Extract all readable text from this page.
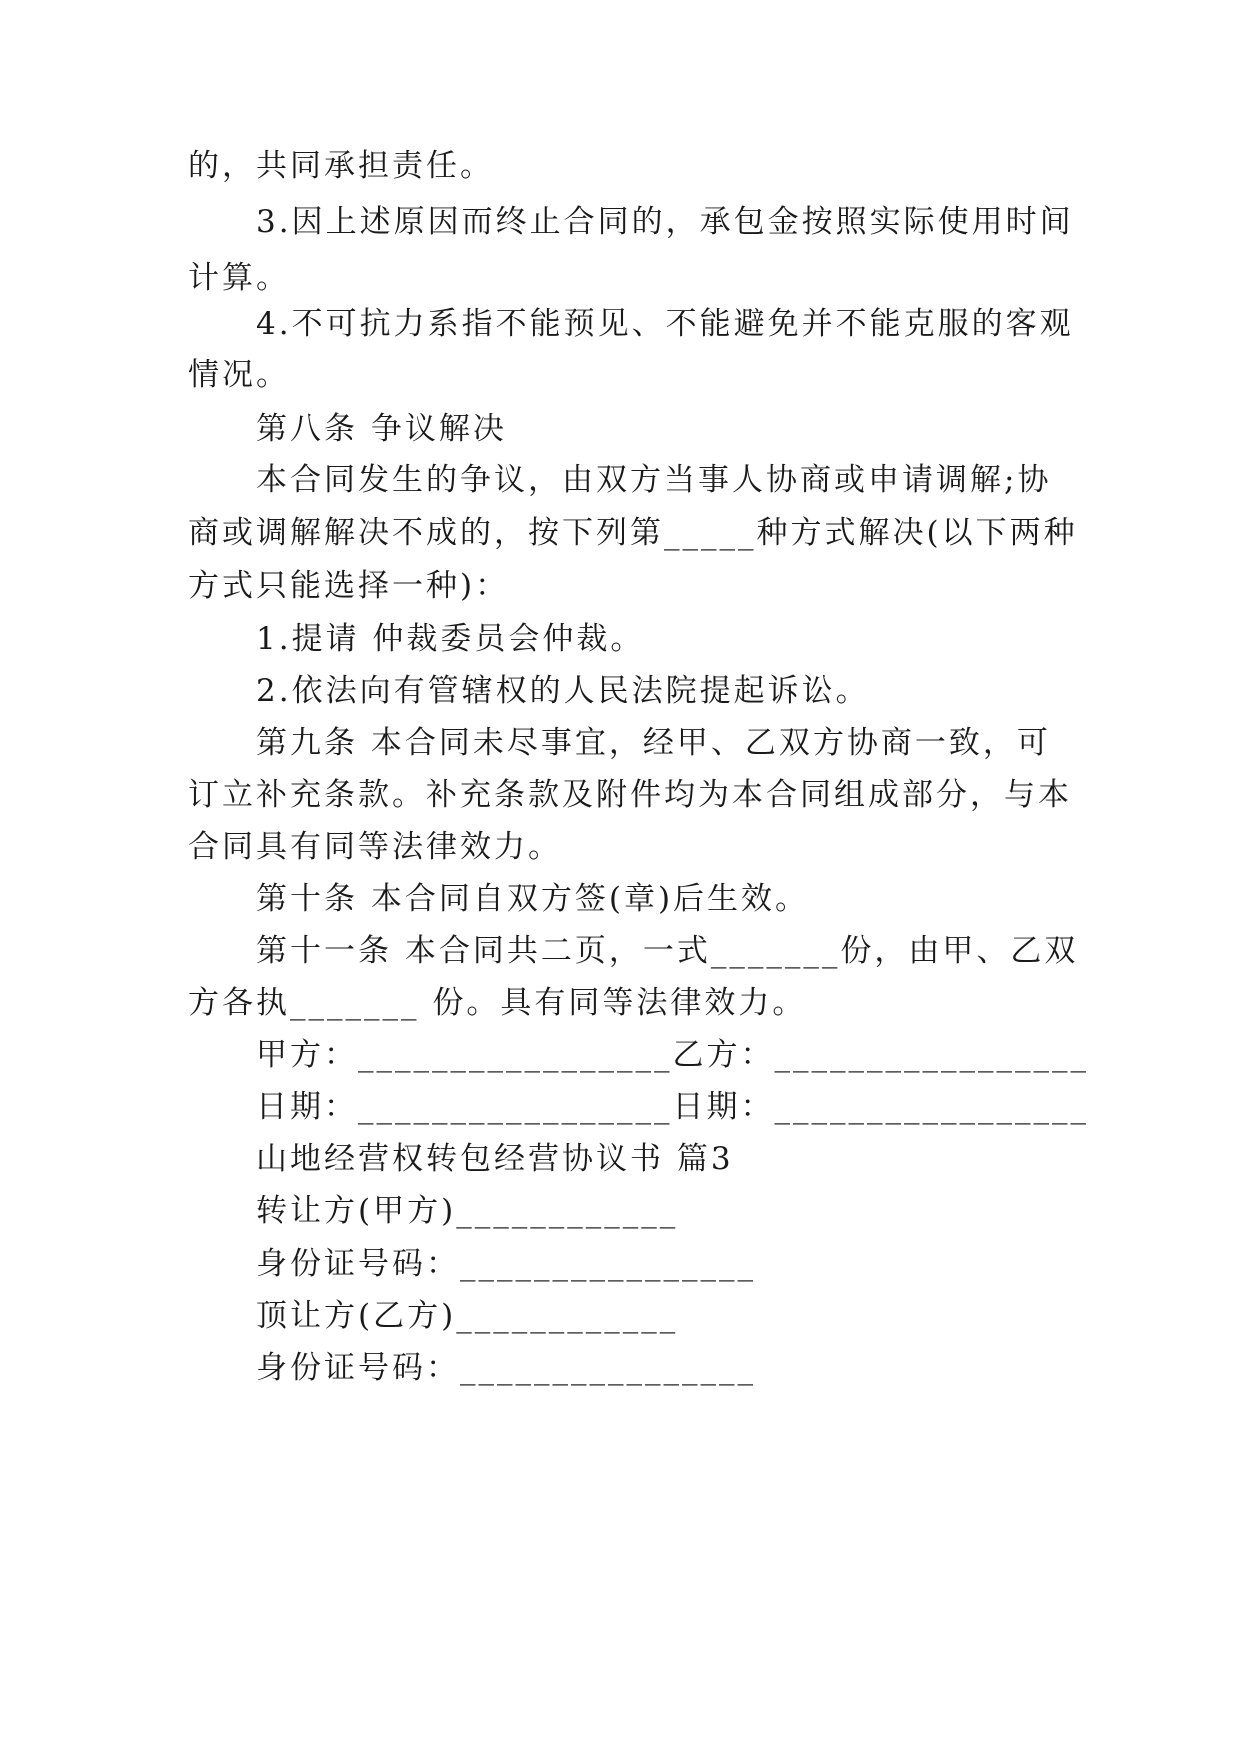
的，共同承担责任。
3.因上述原因而终止合同的，承包金按照实际使用时间
计算。
4.不可抗力系指不能预见、不能避免并不能克服的客观
情况。
第八条 争议解决
本合同发生的争议，由双方当事人协商或申请调解;协
商或调解解决不成的，按下列第_____种方式解决(以下两种
方式只能选择一种)：
1.提请 仲裁委员会仲裁。
2.依法向有管辖权的人民法院提起诉讼。
第九条 本合同未尽事宜，经甲、乙双方协商一致，可
订立补充条款。补充条款及附件均为本合同组成部分，与本
合同具有同等法律效力。
第十条 本合同自双方签(章)后生效。
第十一条 本合同共二页，一式_______份，由甲、乙双
方各执_______ 份。具有同等法律效力。
甲方：_________________乙方：_________________
日期：_________________日期：_________________
山地经营权转包经营协议书 篇3
转让方(甲方)____________
身份证号码：________________
顶让方(乙方)____________
身份证号码：________________
